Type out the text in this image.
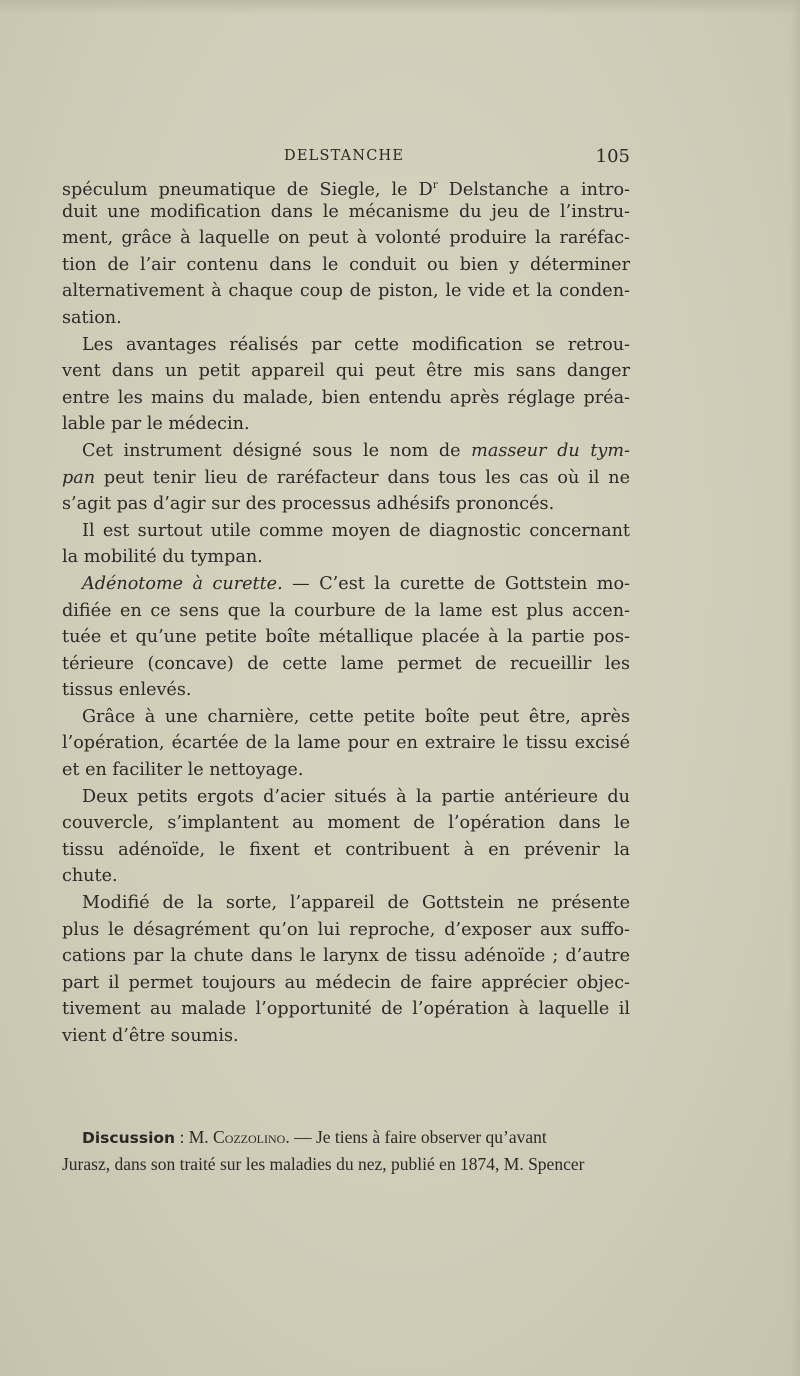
DELSTANCHE	105
spéculum pneumatique de Siegle, le $D^r$ Delstanche a intro-
duit une modification dans le mécanisme du jeu de l’instru-
ment, grâce à laquelle on peut à volonté produire la raréfac-
tion de l’air contenu dans le conduit ou bien y déterminer
alternativement à chaque coup de piston, le vide et la conden-
sation.
Les avantages réalisés par cette modification se retrou-
vent dans un petit appareil qui peut être mis sans danger
entre les mains du malade, bien entendu après réglage préa-
lable par le médecin.
Cet instrument désigné sous le nom de masseur du tym-
pan peut tenir lieu de raréfacteur dans tous les cas où il ne
s’agit pas d’agir sur des processus adhésifs prononcés.
Il est surtout utile comme moyen de diagnostic concernant
la mobilité du tympan.
Adénotome à curette. — C’est la curette de Gottstein mo-
difiée en ce sens que la courbure de la lame est plus accen-
tuée et qu’une petite boîte métallique placée à la partie pos-
térieure (concave) de cette lame permet de recueillir les
tissus enlevés.
Grâce à une charnière, cette petite boîte peut être, après
l’opération, écartée de la lame pour en extraire le tissu excisé
et en faciliter le nettoyage.
Deux petits ergots d’acier situés à la partie antérieure du
couvercle, s’implantent au moment de l’opération dans le
tissu adénoïde, le fixent et contribuent à en prévenir la
chute.
Modifié de la sorte, l’appareil de Gottstein ne présente
plus le désagrément qu’on lui reproche, d’exposer aux suffo-
cations par la chute dans le larynx de tissu adénoïde ; d’autre
part il permet toujours au médecin de faire apprécier objec-
tivement au malade l’opportunité de l’opération à laquelle il
vient d’être soumis.
Discussion : M. Cozzolino. — Je tiens à faire observer qu’avant
Jurasz, dans son traité sur les maladies du nez, publié en 1874, M. Spencer
